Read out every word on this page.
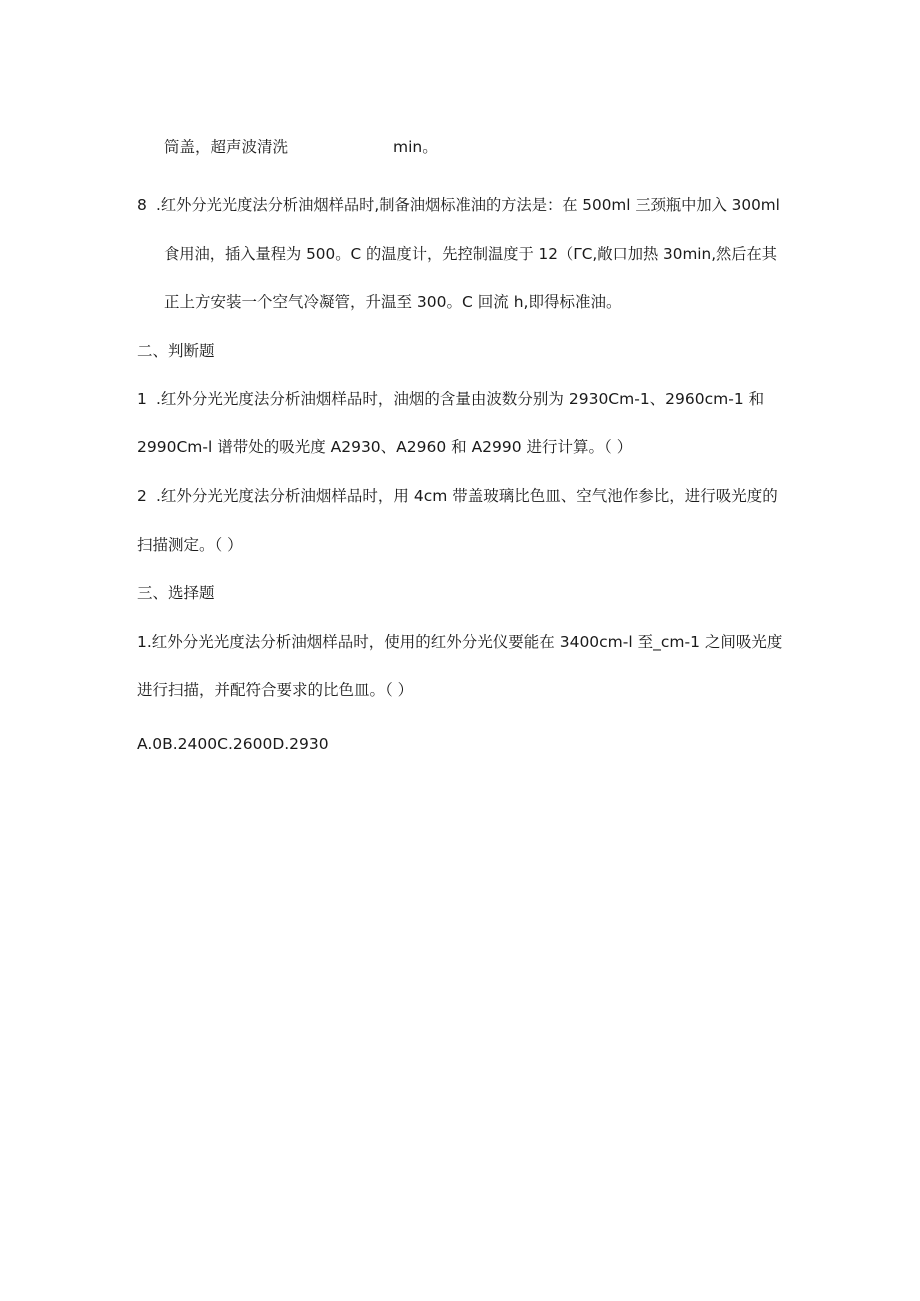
筒盖，超声波清洗	min。
8 .红外分光光度法分析油烟样品时,制备油烟标准油的方法是：在 500ml 三颈瓶中加入 300ml
食用油，插入量程为 500。C 的温度计，先控制温度于 12（ΓC,敞口加热 30min,然后在其
正上方安装一个空气冷凝管，升温至 300。C 回流 h,即得标准油。
二、判断题
1 .红外分光光度法分析油烟样品时，油烟的含量由波数分别为 2930Cm-1、2960cm-1 和
2990Cm-l 谱带处的吸光度 A2930、A2960 和 A2990 进行计算。（ ）
2 .红外分光光度法分析油烟样品时，用 4cm 带盖玻璃比色皿、空气池作参比，进行吸光度的
扫描测定。（ ）
三、选择题
1.红外分光光度法分析油烟样品时，使用的红外分光仪要能在 3400cm-l 至_cm-1 之间吸光度
进行扫描，并配符合要求的比色皿。（ ）
A.0B.2400C.2600D.2930
